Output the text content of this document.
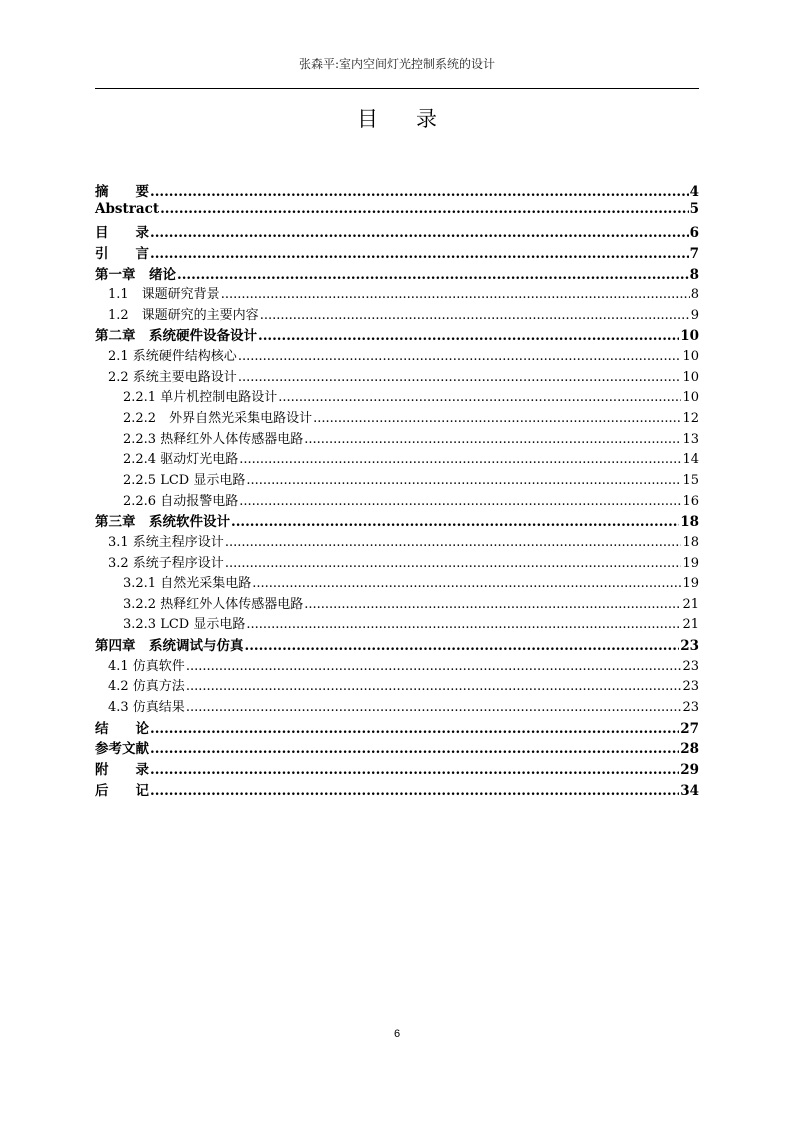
张森平:室内空间灯光控制系统的设计
目录
摘　　要 .....	4
Abstract .....	5
目　　录 .....	6
引　　言 .....	7
第一章　绪论 .....	8
1.1　课题研究背景 .....	8
1.2　课题研究的主要内容 .....	9
第二章　系统硬件设备设计 .....	10
2.1 系统硬件结构核心 .....	10
2.2 系统主要电路设计 .....	10
2.2.1 单片机控制电路设计 .....	10
2.2.2　外界自然光采集电路设计 .....	12
2.2.3 热释红外人体传感器电路 .....	13
2.2.4 驱动灯光电路 .....	14
2.2.5 LCD 显示电路 .....	15
2.2.6 自动报警电路 .....	16
第三章　系统软件设计 .....	18
3.1 系统主程序设计 .....	18
3.2 系统子程序设计 .....	19
3.2.1 自然光采集电路 .....	19
3.2.2 热释红外人体传感器电路 .....	21
3.2.3 LCD 显示电路 .....	21
第四章　系统调试与仿真 .....	23
4.1 仿真软件 .....	23
4.2 仿真方法 .....	23
4.3 仿真结果 .....	23
结　　论 .....	27
参考文献 .....	28
附　　录 .....	29
后　　记 .....	34
6
